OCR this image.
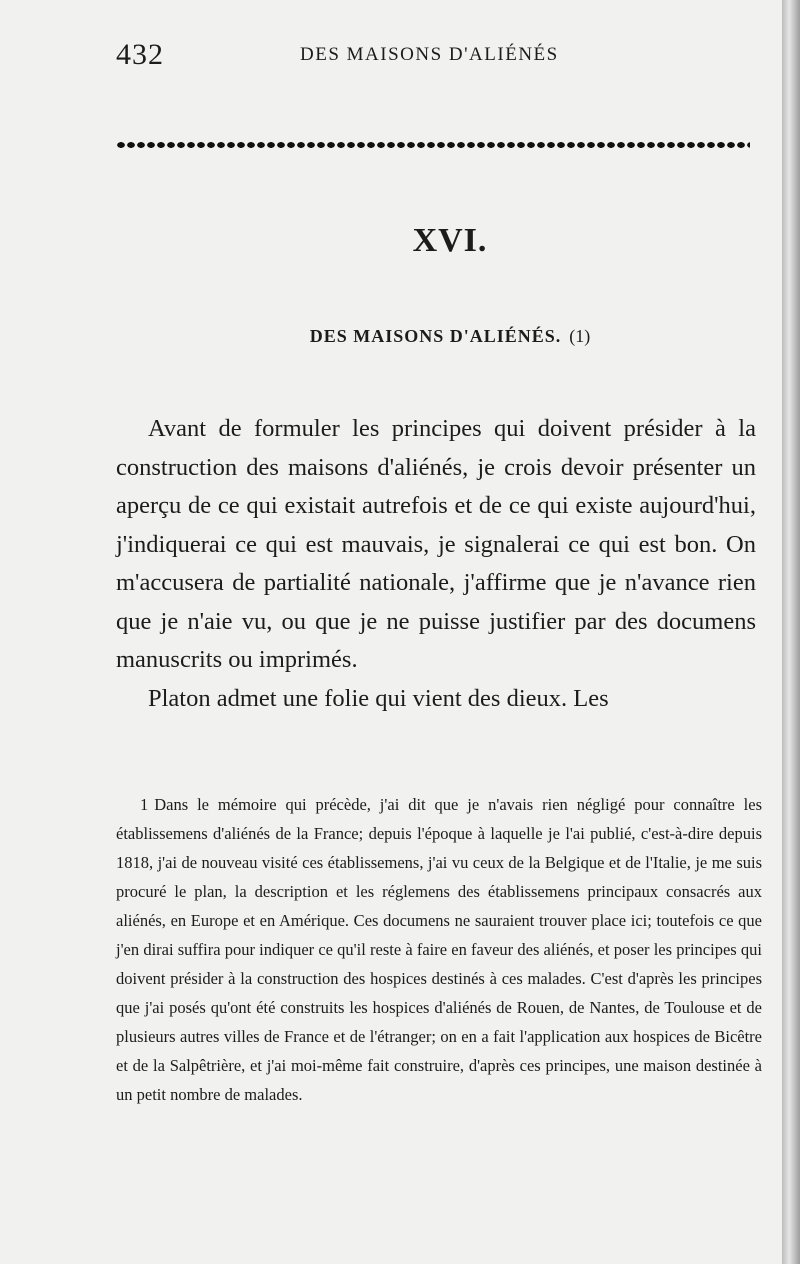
432	DES MAISONS D'ALIÉNÉS
XVI.
DES MAISONS D'ALIÉNÉS. (1)

Avant de formuler les principes qui doivent présider à la construction des maisons d'aliénés, je crois devoir présenter un aperçu de ce qui existait autrefois et de ce qui existe aujourd'hui, j'indiquerai ce qui est mauvais, je signalerai ce qui est bon. On m'accusera de partialité nationale, j'affirme que je n'avance rien que je n'aie vu, ou que je ne puisse justifier par des documens manuscrits ou imprimés.

Platon admet une folie qui vient des dieux. Les

1 Dans le mémoire qui précède, j'ai dit que je n'avais rien négligé pour connaître les établissemens d'aliénés de la France; depuis l'époque à laquelle je l'ai publié, c'est-à-dire depuis 1818, j'ai de nouveau visité ces établissemens, j'ai vu ceux de la Belgique et de l'Italie, je me suis procuré le plan, la description et les réglemens des établissemens principaux consacrés aux aliénés, en Europe et en Amérique. Ces documens ne sauraient trouver place ici; toutefois ce que j'en dirai suffira pour indiquer ce qu'il reste à faire en faveur des aliénés, et poser les principes qui doivent présider à la construction des hospices destinés à ces malades. C'est d'après les principes que j'ai posés qu'ont été construits les hospices d'aliénés de Rouen, de Nantes, de Toulouse et de plusieurs autres villes de France et de l'étranger; on en a fait l'application aux hospices de Bicêtre et de la Salpêtrière, et j'ai moi-même fait construire, d'après ces principes, une maison destinée à un petit nombre de malades.
